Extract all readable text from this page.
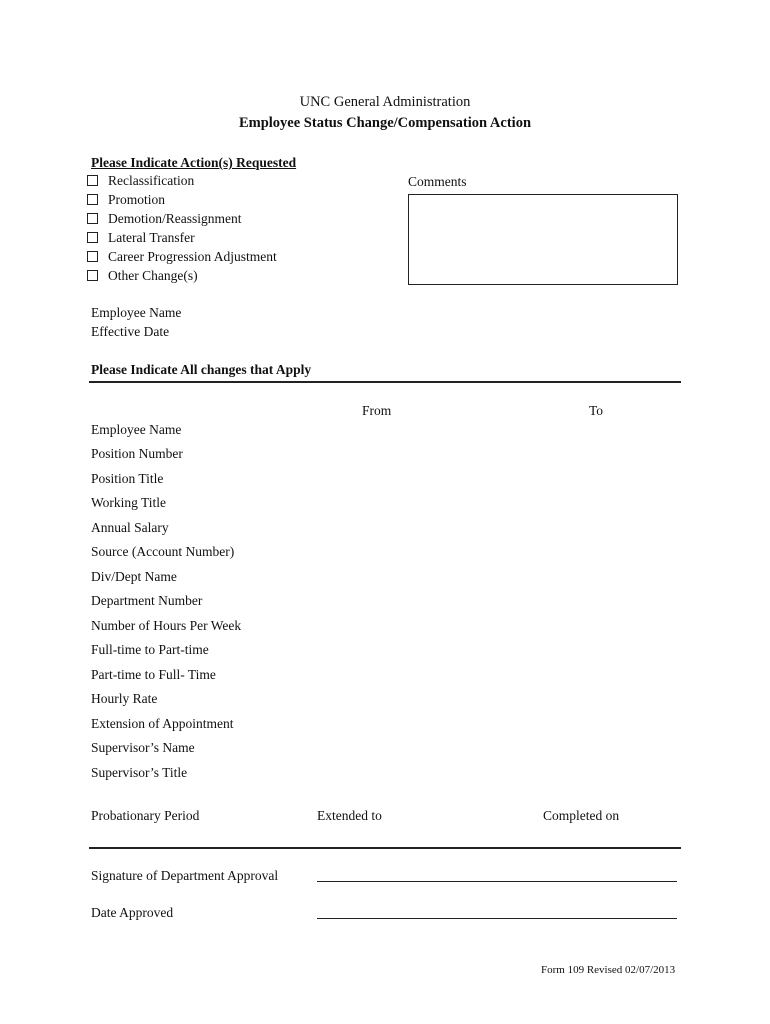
UNC General Administration
Employee Status Change/Compensation Action
Please Indicate Action(s) Requested
Reclassification
Promotion
Demotion/Reassignment
Lateral Transfer
Career Progression Adjustment
Other Change(s)
Comments
Employee Name
Effective Date
Please Indicate All changes that Apply
From	To
Employee Name
Position Number
Position Title
Working Title
Annual Salary
Source (Account Number)
Div/Dept Name
Department Number
Number of Hours Per Week
Full-time to Part-time
Part-time to Full- Time
Hourly Rate
Extension of Appointment
Supervisor’s Name
Supervisor’s Title
Probationary Period	Extended to	Completed on
Signature of Department Approval
Date Approved
Form 109 Revised 02/07/2013
